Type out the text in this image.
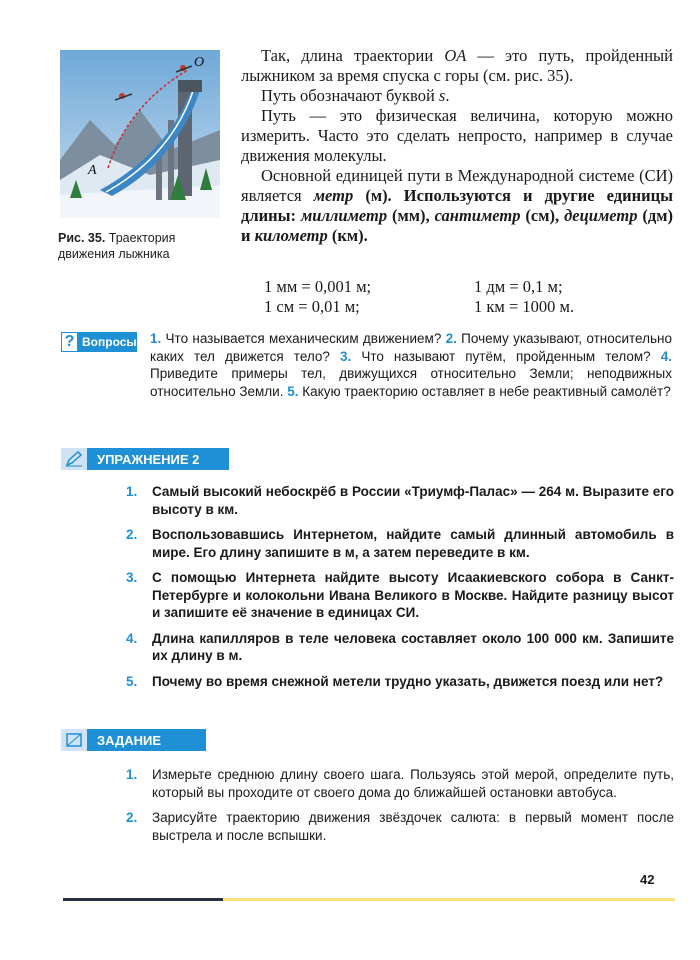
O
A
Рис. 35. Траектория движения лыжника

Так, длина траектории OA — это путь, пройденный лыжником за время спуска с горы (см. рис. 35).

Путь обозначают буквой s.

Путь — это физическая величина, которую можно измерить. Часто это сделать непросто, например в случае движения молекулы.

Основной единицей пути в Международной системе (СИ) является метр (м). Используются и другие единицы длины: миллиметр (мм), сантиметр (см), дециметр (дм) и километр (км).

1 мм = 0,001 м;	1 дм = 0,1 м;
1 см = 0,01 м;	1 км = 1000 м.
? Вопросы 1. Что называется механическим движением? 2. Почему указывают, относительно каких тел движется тело? 3. Что называют путём, пройденным телом? 4. Приведите примеры тел, движущихся относительно Земли; неподвижных относительно Земли. 5. Какую траекторию оставляет в небе реактивный самолёт?
УПРАЖНЕНИЕ 2
1.	Самый высокий небоскрёб в России «Триумф-Палас» — 264 м. Выразите его высоту в км.
2.	Воспользовавшись Интернетом, найдите самый длинный автомобиль в мире. Его длину запишите в м, а затем переведите в км.
3.	С помощью Интернета найдите высоту Исаакиевского собора в Санкт-Петербурге и колокольни Ивана Великого в Москве. Найдите разницу высот и запишите её значение в единицах СИ.
4.	Длина капилляров в теле человека составляет около 100 000 км. Запишите их длину в м.
5.	Почему во время снежной метели трудно указать, движется поезд или нет?
ЗАДАНИЕ
1.	Измерьте среднюю длину своего шага. Пользуясь этой мерой, определите путь, который вы проходите от своего дома до ближайшей остановки автобуса.
2.	Зарисуйте траекторию движения звёздочек салюта: в первый момент после выстрела и после вспышки.
42
